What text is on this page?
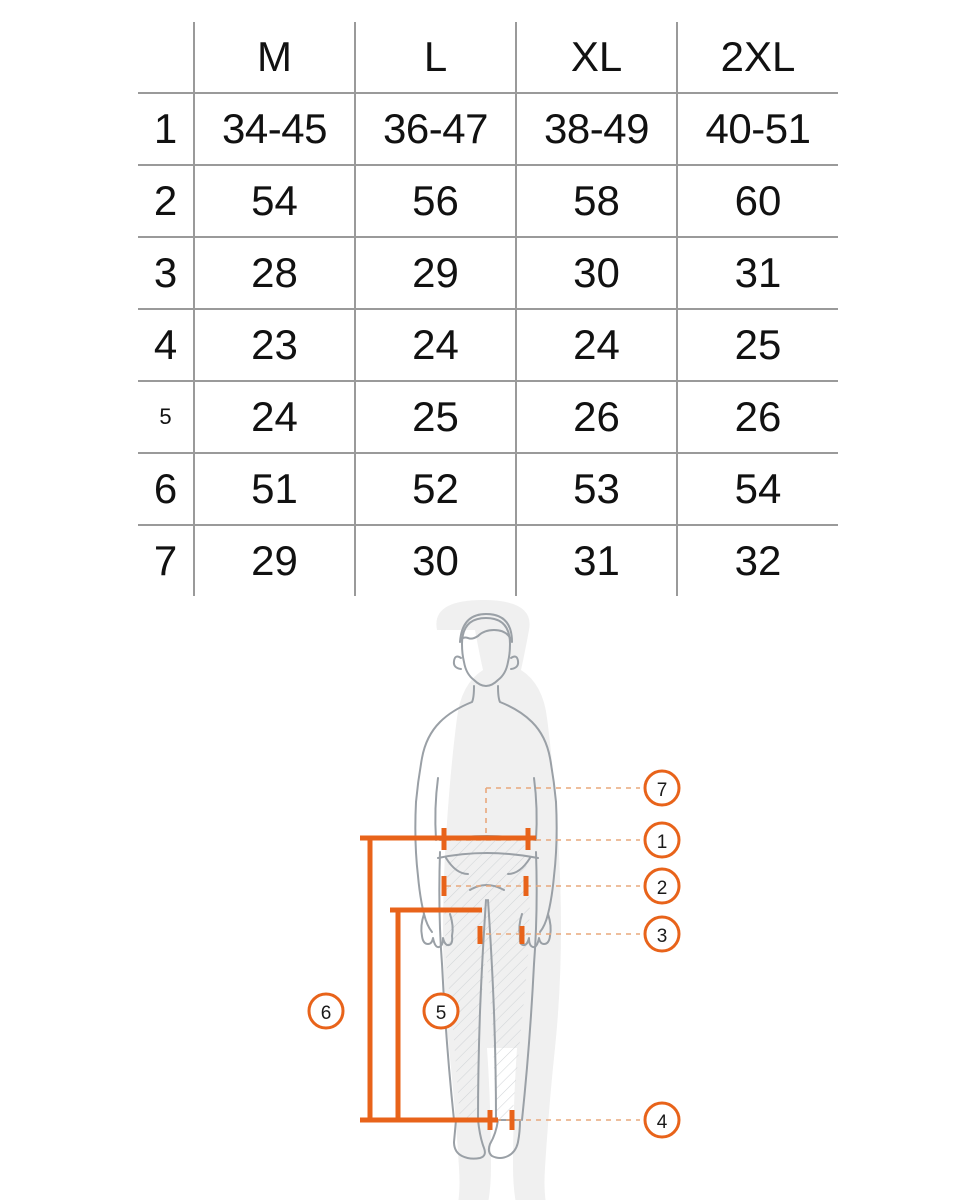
	M	L	XL	2XL
1	34-45	36-47	38-49	40-51
2	54	56	58	60
3	28	29	30	31
4	23	24	24	25
5	24	25	26	26
6	51	52	53	54
7	29	30	31	32
7
1
2
3
6	5
4
